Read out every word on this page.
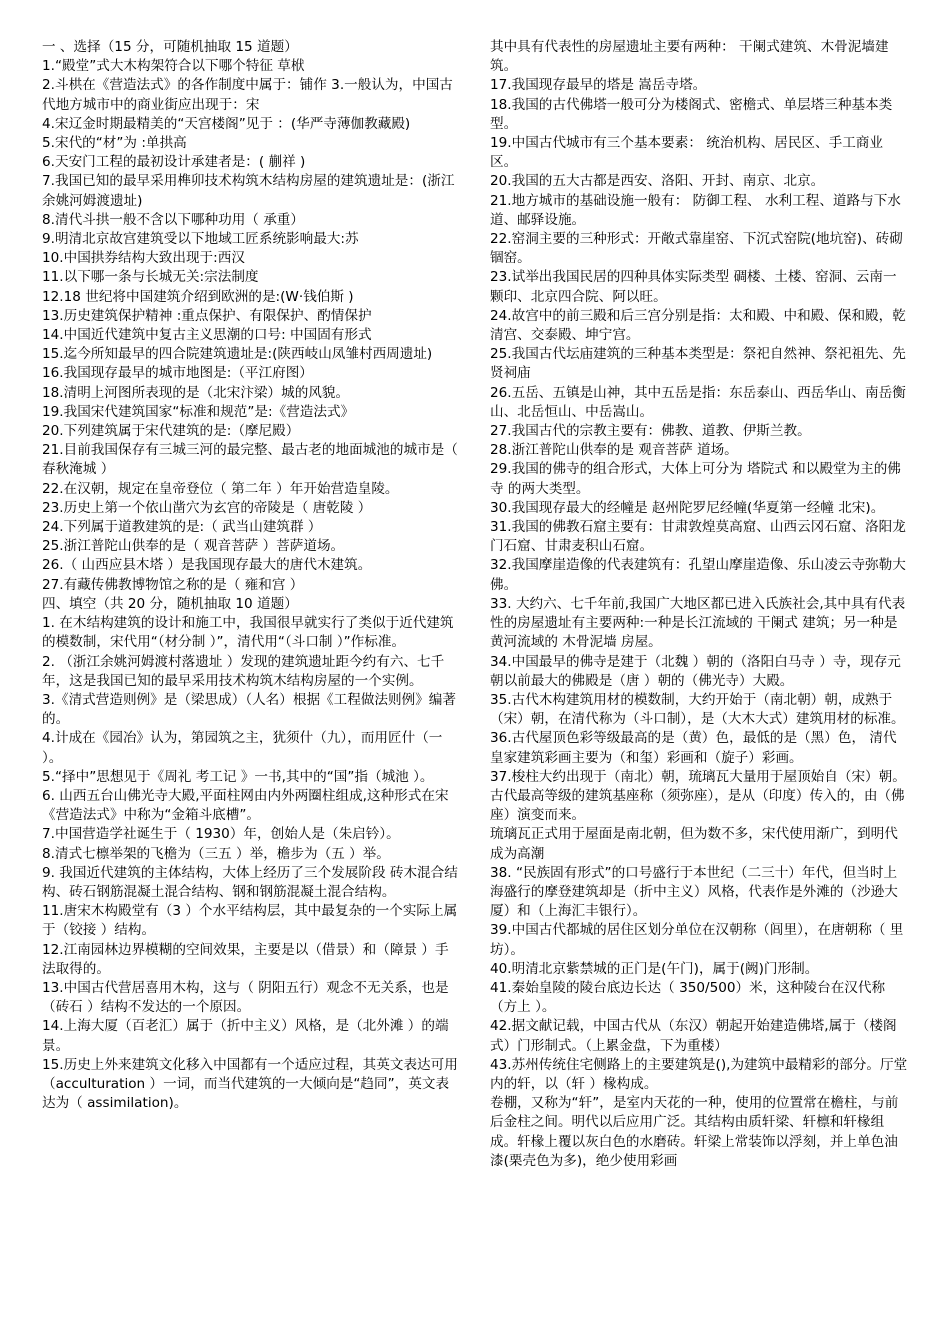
一 、选择（15 分，可随机抽取 15 道题）

1.“殿堂”式大木构架符合以下哪个特征 草栿

2.斗栱在《营造法式》的各作制度中属于：铺作 3.一般认为，中国古代地方城市中的商业街应出现于：宋

4.宋辽金时期最精美的“天宫楼阁”见于 ：(华严寺薄伽教藏殿)

5.宋代的“材”为 :单拱高

6.天安门工程的最初设计承建者是：( 蒯祥 )

7.我国已知的最早采用榫卯技术构筑木结构房屋的建筑遗址是：(浙江余姚河姆渡遗址)

8.清代斗拱一般不含以下哪种功用（ 承重）

9.明清北京故宫建筑受以下地域工匠系统影响最大:苏

10.中国拱券结构大致出现于:西汉

11.以下哪一条与长城无关:宗法制度

12.18 世纪将中国建筑介绍到欧洲的是:(W·钱伯斯 )

13.历史建筑保护精神 :重点保护、有限保护、酌情保护

14.中国近代建筑中复古主义思潮的口号: 中国固有形式

15.迄今所知最早的四合院建筑遗址是:(陕西岐山凤雏村西周遗址)

16.我国现存最早的城市地图是:（平江府图）

18.清明上河图所表现的是（北宋汴梁）城的风貌。

19.我国宋代建筑国家“标准和规范”是:《营造法式》

20.下列建筑属于宋代建筑的是:（摩尼殿）

21.目前我国保存有三城三河的最完整、最古老的地面城池的城市是（ 春秋淹城 ）

22.在汉朝，规定在皇帝登位（ 第二年 ）年开始营造皇陵。

23.历史上第一个依山凿穴为玄宫的帝陵是（ 唐乾陵 ）

24.下列属于道教建筑的是:（ 武当山建筑群 ）

25.浙江普陀山供奉的是（ 观音菩萨 ）菩萨道场。

26.（ 山西应县木塔 ）是我国现存最大的唐代木建筑。

27.有藏传佛教博物馆之称的是（ 雍和宫 ）

四、填空（共 20 分，随机抽取 10 道题）

1. 在木结构建筑的设计和施工中，我国很早就实行了类似于近代建筑的模数制，宋代用“（材分制 ）”，清代用“（斗口制 ）”作标准。

2. （浙江余姚河姆渡村落遗址 ）发现的建筑遗址距今约有六、七千年，这是我国已知的最早采用技术构筑木结构房屋的一个实例。

3.《清式营造则例》是（梁思成）（人名）根据《工程做法则例》编著的。

4.计成在《园冶》认为，第园筑之主，犹须什（九），而用匠什（一 ）。

5.“择中”思想见于《周礼 考工记 》一书,其中的“国”指（城池 ）。

6. 山西五台山佛光寺大殿,平面柱网由内外两圈柱组成,这种形式在宋《营造法式》中称为“金箱斗底槽”。

7.中国营造学社诞生于（ 1930）年，创始人是（朱启钤）。

8.清式七檩举架的飞檐为（三五 ）举，檐步为（五 ）举。

9. 我国近代建筑的主体结构，大体上经历了三个发展阶段 砖木混合结构、砖石钢筋混凝土混合结构、钢和钢筋混凝土混合结构。

11.唐宋木构殿堂有（3 ）个水平结构层，其中最复杂的一个实际上属于（铰接 ）结构。

12.江南园林边界模糊的空间效果，主要是以（借景）和（障景 ）手法取得的。

13.中国古代营居喜用木构，这与（ 阴阳五行）观念不无关系，也是（砖石 ）结构不发达的一个原因。

14.上海大厦（百老汇）属于（折中主义）风格，是（北外滩 ）的端景。

15.历史上外来建筑文化移入中国都有一个适应过程，其英文表达可用（acculturation ）一词，而当代建筑的一大倾向是“趋同”，英文表达为（ assimilation)。

其中具有代表性的房屋遗址主要有两种： 干阑式建筑、木骨泥墙建筑。

17.我国现存最早的塔是 嵩岳寺塔。

18.我国的古代佛塔一般可分为楼阁式、密檐式、单层塔三种基本类型。

19.中国古代城市有三个基本要素： 统治机构、居民区、手工商业区。

20.我国的五大古都是西安、洛阳、开封、南京、北京。

21.地方城市的基础设施一般有： 防御工程、 水利工程、道路与下水道、邮驿设施。

22.窑洞主要的三种形式：开敞式靠崖窑、下沉式窑院(地坑窑)、砖砌锢窑。

23.试举出我国民居的四种具体实际类型 碉楼、土楼、窑洞、云南一颗印、北京四合院、阿以旺。

24.故宫中的前三殿和后三宫分别是指：太和殿、中和殿、保和殿，乾清宫、交泰殿、坤宁宫。

25.我国古代坛庙建筑的三种基本类型是：祭祀自然神、祭祀祖先、先贤祠庙

26.五岳、五镇是山神，其中五岳是指：东岳泰山、西岳华山、南岳衡山、北岳恒山、中岳嵩山。

27.我国古代的宗教主要有：佛教、道教、伊斯兰教。

28.浙江普陀山供奉的是 观音菩萨 道场。

29.我国的佛寺的组合形式，大体上可分为 塔院式 和以殿堂为主的佛寺 的两大类型。

30.我国现存最大的经幢是 赵州陀罗尼经幢(华夏第一经幢 北宋)。

31.我国的佛教石窟主要有：甘肃敦煌莫高窟、山西云冈石窟、洛阳龙门石窟、甘肃麦积山石窟。

32.我国摩崖造像的代表建筑有：孔望山摩崖造像、乐山凌云寺弥勒大佛。

33. 大约六、七千年前,我国广大地区都已进入氏族社会,其中具有代表性的房屋遗址有主要两种:一种是长江流域的 干阑式 建筑；另一种是黄河流域的 木骨泥墙 房屋。

34.中国最早的佛寺是建于（北魏 ）朝的（洛阳白马寺 ）寺，现存元朝以前最大的佛殿是（唐 ）朝的（佛光寺）大殿。

35.古代木构建筑用材的模数制，大约开始于（南北朝）朝，成熟于（宋）朝，在清代称为（斗口制），是（大木大式）建筑用材的标准。

36.古代屋顶色彩等级最高的是（黄）色，最低的是（黑）色， 清代皇家建筑彩画主要为（和玺）彩画和（旋子）彩画。

37.梭柱大约出现于（南北）朝，琉璃瓦大量用于屋顶始自（宋）朝。古代最高等级的建筑基座称（须弥座），是从（印度）传入的，由（佛座）演变而来。

琉璃瓦正式用于屋面是南北朝，但为数不多，宋代使用渐广，到明代成为高潮

38. “民族固有形式”的口号盛行于本世纪（二三十）年代，但当时上海盛行的摩登建筑却是（折中主义）风格，代表作是外滩的（沙逊大厦）和（上海汇丰银行）。

39.中国古代都城的居住区划分单位在汉朝称（闾里），在唐朝称（ 里坊）。

40.明清北京紫禁城的正门是(午门)，属于(阙)门形制。

41.秦始皇陵的陵台底边长达（ 350/500）米，这种陵台在汉代称（方上 ）。

42.据文献记载，中国古代从（东汉）朝起开始建造佛塔,属于（楼阁式）门形制式。（上累金盘，下为重楼）

43.苏州传统住宅侧路上的主要建筑是(),为建筑中最精彩的部分。厅堂内的轩，以（轩 ）椽构成。

卷棚，又称为“轩”，是室内天花的一种，使用的位置常在檐柱，与前后金柱之间。明代以后应用广泛。其结构由质轩梁、轩檩和轩椽组成。轩椽上覆以灰白色的水磨砖。轩梁上常装饰以浮刻，并上单色油漆(栗壳色为多)，绝少使用彩画
